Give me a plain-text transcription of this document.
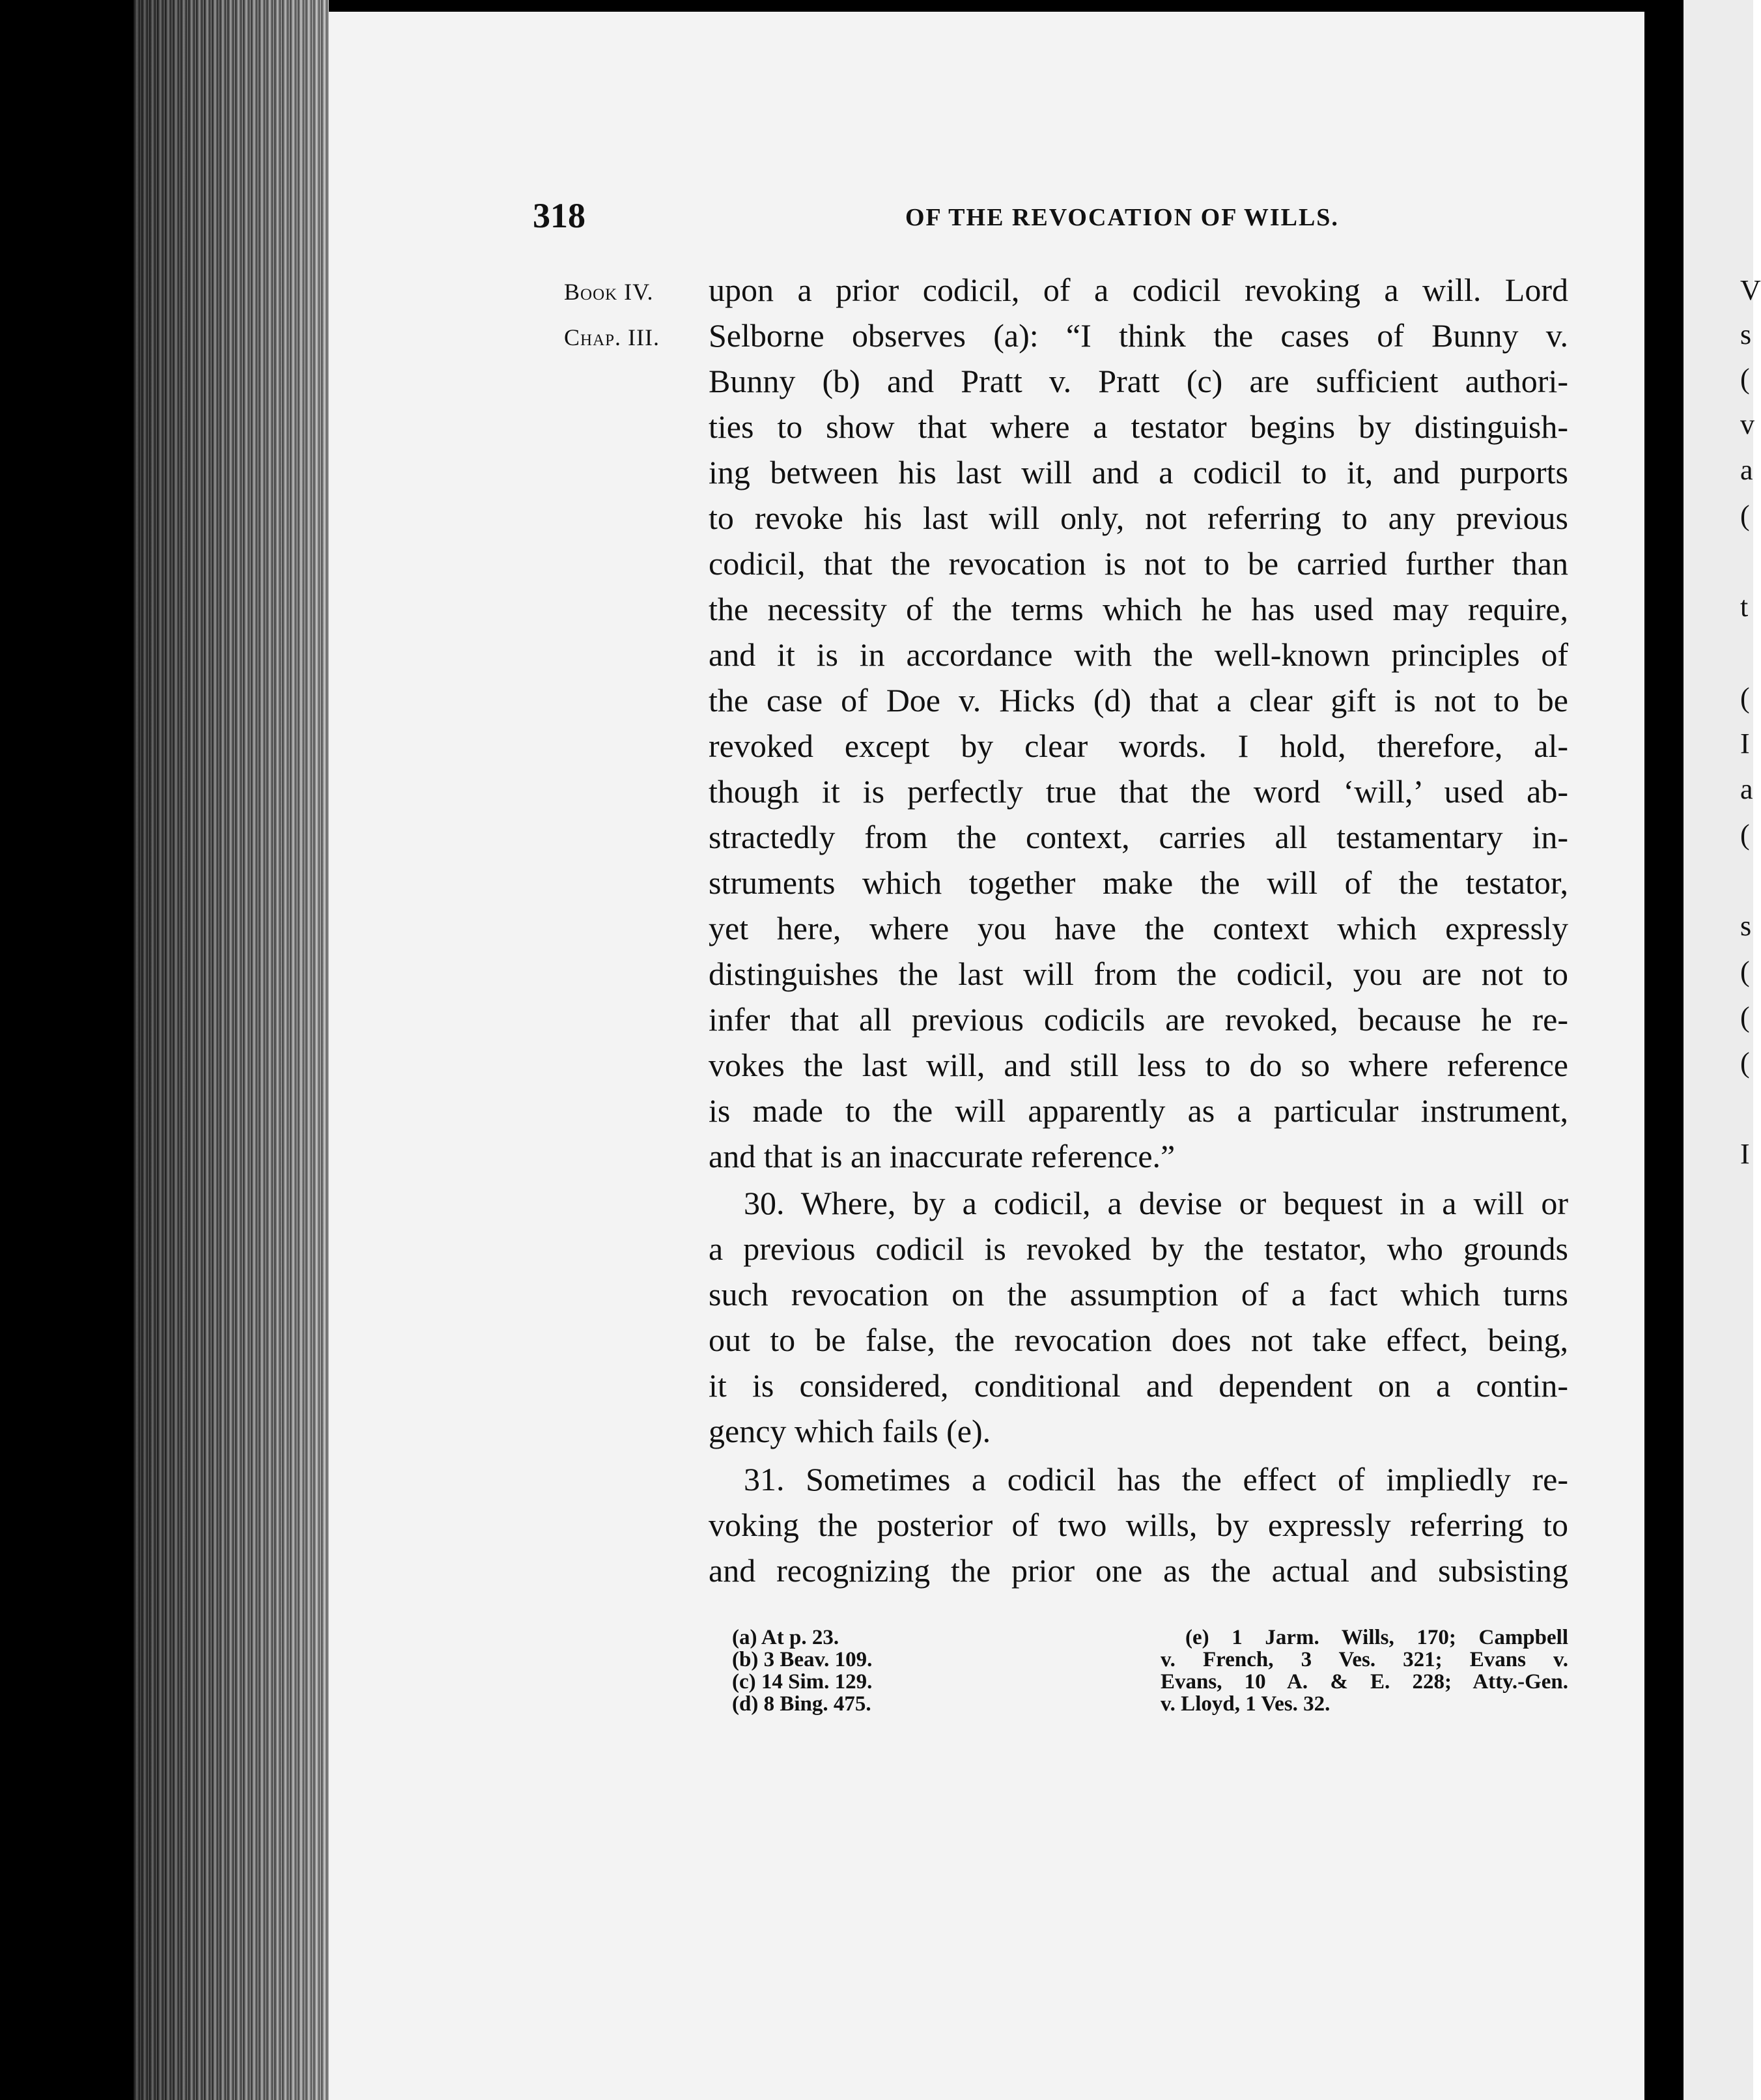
V
s
(
v
a
(
t
(
I
a
(
s
(
(
(
I
318	OF THE REVOCATION OF WILLS.
Book IV.
Chap. III.
upon a prior codicil, of a codicil revoking a will. Lord
Selborne observes (a): “I think the cases of Bunny v.
Bunny (b) and Pratt v. Pratt (c) are sufficient authori-
ties to show that where a testator begins by distinguish-
ing between his last will and a codicil to it, and purports
to revoke his last will only, not referring to any previous
codicil, that the revocation is not to be carried further than
the necessity of the terms which he has used may require,
and it is in accordance with the well-known principles of
the case of Doe v. Hicks (d) that a clear gift is not to be
revoked except by clear words. I hold, therefore, al-
though it is perfectly true that the word ‘will,’ used ab-
stractedly from the context, carries all testamentary in-
struments which together make the will of the testator,
yet here, where you have the context which expressly
distinguishes the last will from the codicil, you are not to
infer that all previous codicils are revoked, because he re-
vokes the last will, and still less to do so where reference
is made to the will apparently as a particular instrument,
and that is an inaccurate reference.”
30. Where, by a codicil, a devise or bequest in a will or
a previous codicil is revoked by the testator, who grounds
such revocation on the assumption of a fact which turns
out to be false, the revocation does not take effect, being,
it is considered, conditional and dependent on a contin-
gency which fails (e).
31. Sometimes a codicil has the effect of impliedly re-
voking the posterior of two wills, by expressly referring to
and recognizing the prior one as the actual and subsisting
(a) At p. 23.
(b) 3 Beav. 109.
(c) 14 Sim. 129.
(d) 8 Bing. 475.
(e) 1 Jarm. Wills, 170; Campbell
v. French, 3 Ves. 321; Evans v.
Evans, 10 A. & E. 228; Atty.-Gen.
v. Lloyd, 1 Ves. 32.
